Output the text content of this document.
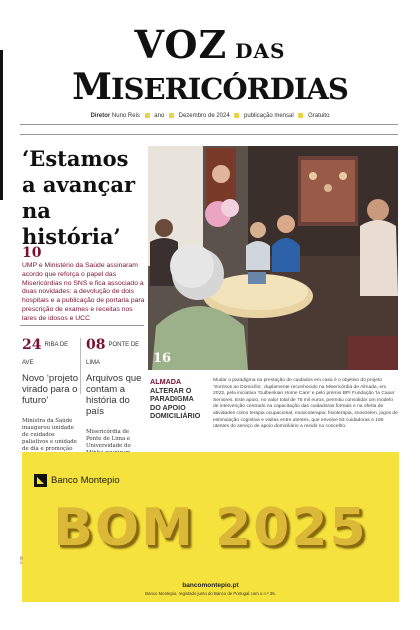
VOZ DAS
MISERICÓRDIAS
Diretor Nuno Reis ano Dezembro de 2024 publicação mensal Gratuito
‘Estamos a avançar na história’
10
UMP e Ministério da Saúde assinaram acordo que reforça o papel das Misericórdias no SNS e fica associado a duas novidades: a devolução de dois hospitais e a publicação de portaria para prescrição de exames e receitas nos lares de idosos e UCC
24 RIBA DE AVE
Novo ‘projeto virado para o futuro’
Ministra da Saúde inaugurou unidade de cuidados paliativos e unidade de dia e promoção
08 PONTE DE LIMA
Arquivos que contam a história do país
Misericórdia de Ponte de Lima e Universidade do
16
ALMADA
ALTERAR O PARADIGMA DO APOIO DOMICILIÁRIO
Mudar o paradigma na prestação de cuidados em casa é o objetivo do projeto ‘Sorrisos ao Domicílio’, duplamente reconhecido na Misericórdia de Almada, em 2023, pela iniciativa ‘Gulbenkian Home Care’ e pelo prémio BPI Fundação ‘la Caixa’ Seniores. Este apoio, no valor total de 75 mil euros, permitiu consolidar um modelo de intervenção centrado na capacitação das cuidadoras formais e na oferta de atividades como terapia ocupacional, musicoterapia, fisioterapia, snoezelen, jogos de estimulação cognitiva e visitas entre utentes, que envolve 53 cuidadoras e 185 utentes do serviço de apoio domiciliário a residir no concelho.
Banco Montepio
BOM 2025
bancomontepio.pt
Banco Montepio, registado junto do Banco de Portugal com o n.º 36.
P 08
